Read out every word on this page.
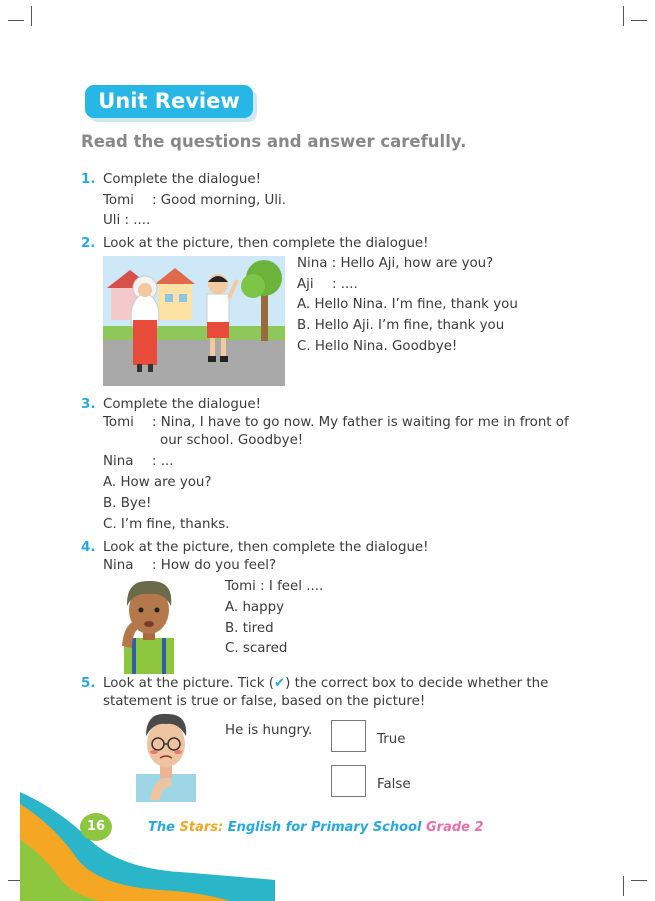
Unit Review
Read the questions and answer carefully.
1. Complete the dialogue!
Tomi : Good morning, Uli.
Uli : ....
2. Look at the picture, then complete the dialogue!
Nina : Hello Aji, how are you?
Aji : ....
A. Hello Nina. I’m fine, thank you
B. Hello Aji. I’m fine, thank you
C. Hello Nina. Goodbye!
3. Complete the dialogue!
Tomi : Nina, I have to go now. My father is waiting for me in front of
our school. Goodbye!
Nina : ...
A. How are you?
B. Bye!
C. I’m fine, thanks.
4. Look at the picture, then complete the dialogue!
Nina : How do you feel?
Tomi : I feel ....
A. happy
B. tired
C. scared
5. Look at the picture. Tick (✔) the correct box to decide whether the
statement is true or false, based on the picture!
He is hungry.
True
False
16	The Stars: English for Primary School Grade 2
